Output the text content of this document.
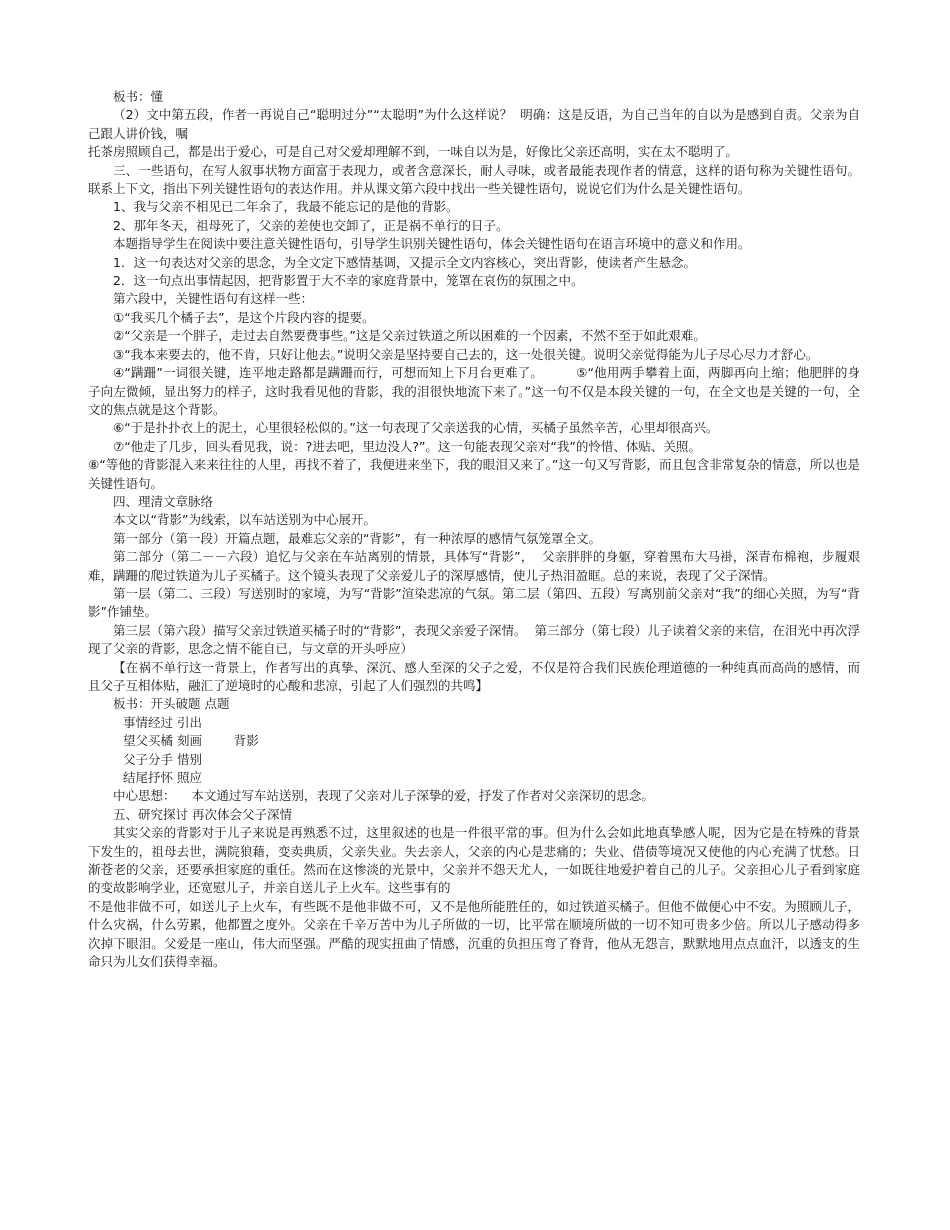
板书：懂

（2）文中第五段，作者一再说自己“聪明过分”“太聪明”为什么这样说？  明确：这是反语，为自己当年的自以为是感到自责。父亲为自己跟人讲价钱，嘱

托茶房照顾自己，都是出于爱心，可是自己对父爱却理解不到，一味自以为是，好像比父亲还高明，实在太不聪明了。

三、一些语句，在写人叙事状物方面富于表现力，或者含意深长，耐人寻味，或者最能表现作者的情意，这样的语句称为关键性语句。联系上下文，指出下列关键性语句的表达作用。并从课文第六段中找出一些关键性语句，说说它们为什么是关键性语句。

1、我与父亲不相见已二年余了，我最不能忘记的是他的背影。

2、那年冬天，祖母死了，父亲的差使也交卸了，正是祸不单行的日子。

本题指导学生在阅读中要注意关键性语句，引导学生识别关键性语句，体会关键性语句在语言环境中的意义和作用。

1．这一句表达对父亲的思念，为全文定下感情基调，又提示全文内容核心，突出背影，使读者产生悬念。

2．这一句点出事情起因，把背影置于大不幸的家庭背景中，笼罩在哀伤的氛围之中。

第六段中，关键性语句有这样一些：

①“我买几个橘子去”，是这个片段内容的提要。

②“父亲是一个胖子，走过去自然要费事些。”这是父亲过铁道之所以困难的一个因素，不然不至于如此艰难。

③“我本来要去的，他不肯，只好让他去。”说明父亲是坚持要自己去的，这一处很关键。说明父亲觉得能为儿子尽心尽力才舒心。

④“蹒跚”一词很关键，连平地走路都是蹒跚而行，可想而知上下月台更难了。        ⑤“他用两手攀着上面，两脚再向上缩；他肥胖的身子向左微倾，显出努力的样子，这时我看见他的背影，我的泪很快地流下来了。”这一句不仅是本段关键的一句，在全文也是关键的一句，全文的焦点就是这个背影。

⑥“于是扑扑衣上的泥土，心里很轻松似的。”这一句表现了父亲送我的心情，买橘子虽然辛苦，心里却很高兴。

⑦“他走了几步，回头看见我，说：?进去吧，里边没人?”。这一句能表现父亲对“我”的怜惜、体贴、关照。

⑧“等他的背影混入来来往往的人里，再找不着了，我便进来坐下，我的眼泪又来了。”这一句又写背影，而且包含非常复杂的情意，所以也是关键性语句。

四、理清文章脉络

本文以“背影”为线索，以车站送别为中心展开。

第一部分（第一段）开篇点题，最难忘父亲的“背影”，有一种浓厚的感情气氛笼罩全文。

第二部分（第二－－六段）追忆与父亲在车站离别的情景，具体写“背影”，  父亲胖胖的身躯，穿着黑布大马褂，深青布棉袍，步履艰难，蹒跚的爬过铁道为儿子买橘子。这个镜头表现了父亲爱儿子的深厚感情，使儿子热泪盈眶。总的来说，表现了父子深情。

第一层（第二、三段）写送别时的家境，为写“背影”渲染悲凉的气氛。第二层（第四、五段）写离别前父亲对“我”的细心关照，为写“背影”作铺垫。

第三层（第六段）描写父亲过铁道买橘子时的“背影”，表现父亲爱子深情。  第三部分（第七段）儿子读着父亲的来信，在泪光中再次浮现了父亲的背影，思念之情不能自已，与文章的开头呼应）

【在祸不单行这一背景上，作者写出的真挚、深沉、感人至深的父子之爱，不仅是符合我们民族伦理道德的一种纯真而高尚的感情，而且父子互相体贴，融汇了逆境时的心酸和悲凉，引起了人们强烈的共鸣】

板书：开头破题 点题

事情经过 引出

望父买橘 刻画        背影

父子分手 惜别

结尾抒怀 照应

中心思想：    本文通过写车站送别，表现了父亲对儿子深挚的爱，抒发了作者对父亲深切的思念。

五、研究探讨 再次体会父子深情

其实父亲的背影对于儿子来说是再熟悉不过，这里叙述的也是一件很平常的事。但为什么会如此地真挚感人呢，因为它是在特殊的背景下发生的，祖母去世，满院狼藉，变卖典质，父亲失业。失去亲人，父亲的内心是悲痛的；失业、借债等境况又使他的内心充满了忧愁。日渐苍老的父亲，还要承担家庭的重任。然而在这惨淡的光景中，父亲并不怨天尤人，一如既往地爱护着自己的儿子。父亲担心儿子看到家庭的变故影响学业，还宽慰儿子，并亲自送儿子上火车。这些事有的

不是他非做不可，如送儿子上火车，有些既不是他非做不可，又不是他所能胜任的，如过铁道买橘子。但他不做便心中不安。为照顾儿子，什么灾祸，什么劳累，他都置之度外。父亲在千辛万苦中为儿子所做的一切，比平常在顺境所做的一切不知可贵多少倍。所以儿子感动得多次掉下眼泪。父爱是一座山，伟大而坚强。严酷的现实扭曲了情感，沉重的负担压弯了脊背，他从无怨言，默默地用点点血汗，以透支的生命只为儿女们获得幸福。
